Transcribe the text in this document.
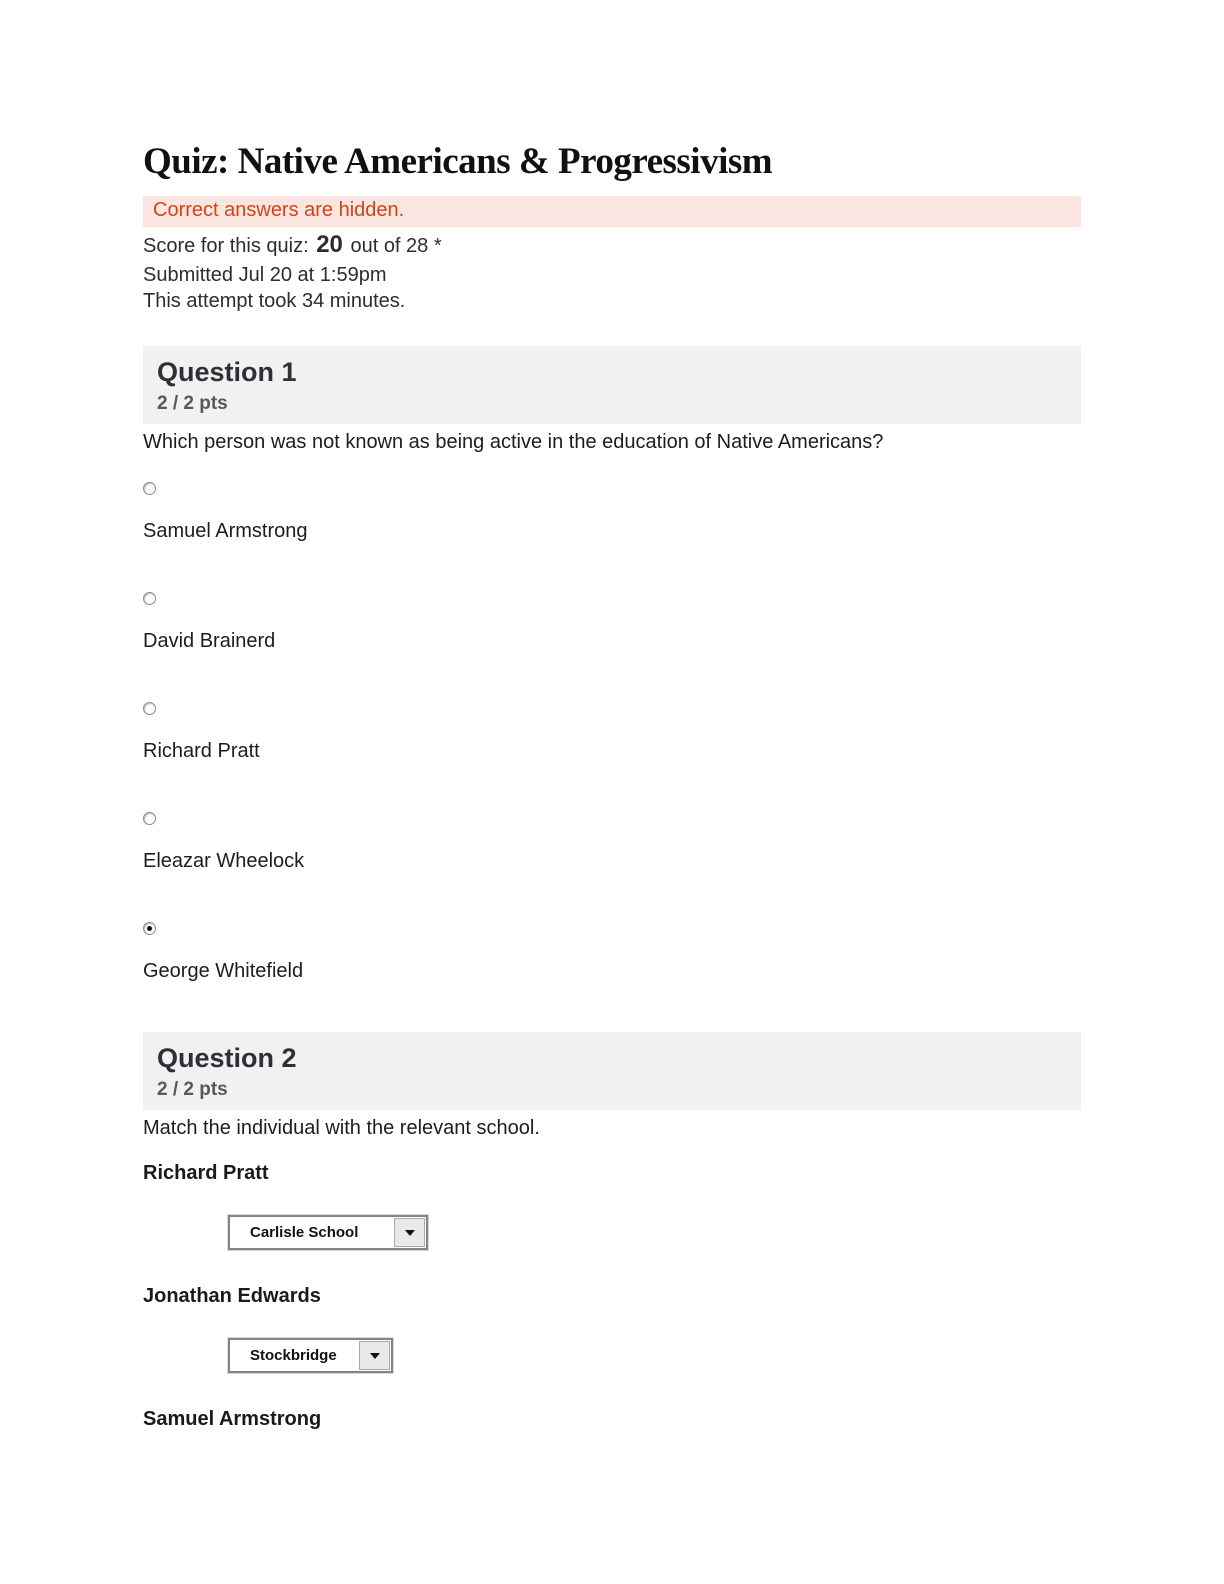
Quiz: Native Americans & Progressivism
Correct answers are hidden.

Score for this quiz: 20 out of 28 *

Submitted Jul 20 at 1:59pm

This attempt took 34 minutes.

Question 1
2 / 2 pts

Which person was not known as being active in the education of Native Americans?

Samuel Armstrong
David Brainerd
Richard Pratt
Eleazar Wheelock
George Whitefield
Question 2
2 / 2 pts

Match the individual with the relevant school.

Richard Pratt
Carlisle School
Jonathan Edwards
Stockbridge
Samuel Armstrong
